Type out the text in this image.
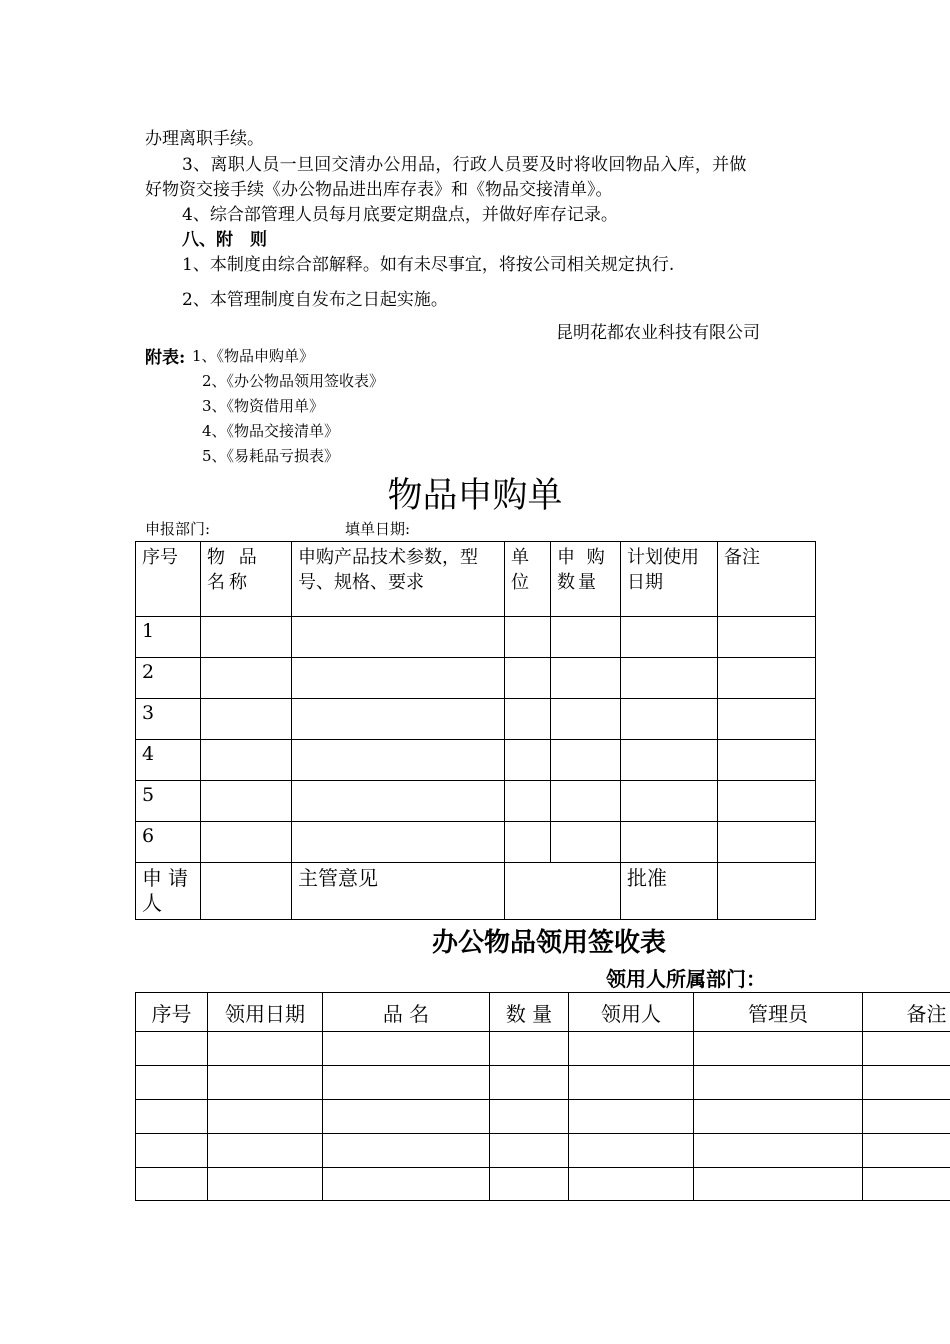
办理离职手续。
3、离职人员一旦回交清办公用品，行政人员要及时将收回物品入库，并做
好物资交接手续《办公物品进出库存表》和《物品交接清单》。
4、综合部管理人员每月底要定期盘点，并做好库存记录。
八、附　则
1、本制度由综合部解释。如有未尽事宜，将按公司相关规定执行.
2、本管理制度自发布之日起实施。
昆明花都农业科技有限公司
附表: 1、《物品申购单》
2、《办公物品领用签收表》
3、《物资借用单》
4、《物品交接清单》
5、《易耗品亏损表》
物品申购单
申报部门:	填单日期:
序号	物 品 名称	申购产品技术参数，型号、规格、要求	单位	申 购数量	计划使用日期	备注
1						
2						
3						
4						
5						
6						
申请人		主管意见			批准	
办公物品领用签收表
领用人所属部门：
序号	领用日期	品 名	数 量	领用人	管理员	备注
